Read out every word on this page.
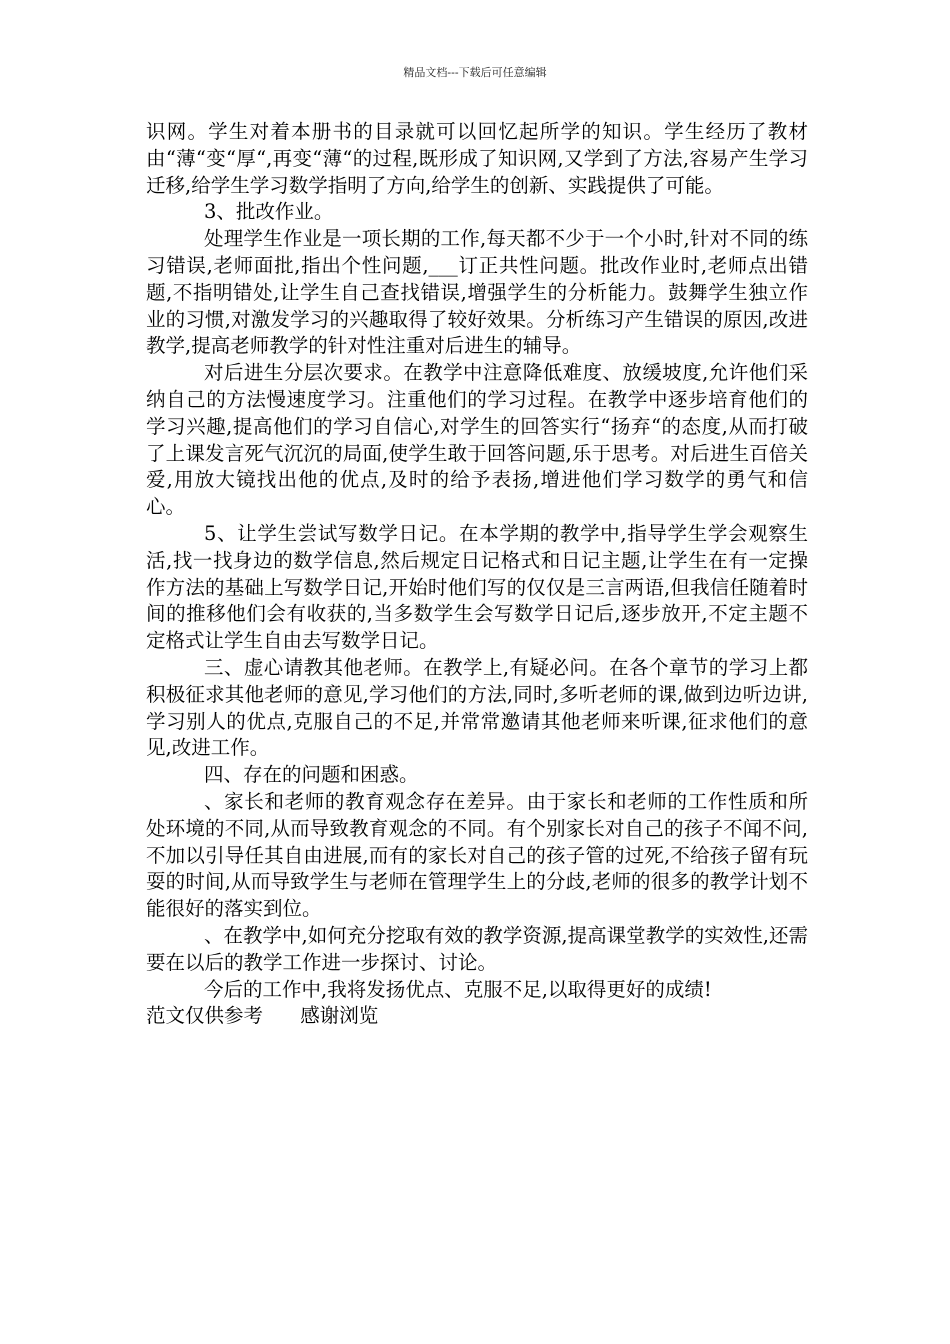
精品文档---下载后可任意编辑

识网。学生对着本册书的目录就可以回忆起所学的知识。学生经历了教材由“薄“变“厚“,再变“薄“的过程,既形成了知识网,又学到了方法,容易产生学习迁移,给学生学习数学指明了方向,给学生的创新、实践提供了可能。

3、批改作业。

处理学生作业是一项长期的工作,每天都不少于一个小时,针对不同的练习错误,老师面批,指出个性问题,___订正共性问题。批改作业时,老师点出错题,不指明错处,让学生自己查找错误,增强学生的分析能力。鼓舞学生独立作业的习惯,对激发学习的兴趣取得了较好效果。分析练习产生错误的原因,改进教学,提高老师教学的针对性注重对后进生的辅导。

对后进生分层次要求。在教学中注意降低难度、放缓坡度,允许他们采纳自己的方法慢速度学习。注重他们的学习过程。在教学中逐步培育他们的学习兴趣,提高他们的学习自信心,对学生的回答实行“扬弃“的态度,从而打破了上课发言死气沉沉的局面,使学生敢于回答问题,乐于思考。对后进生百倍关爱,用放大镜找出他的优点,及时的给予表扬,增进他们学习数学的勇气和信心。

5、让学生尝试写数学日记。在本学期的教学中,指导学生学会观察生活,找一找身边的数学信息,然后规定日记格式和日记主题,让学生在有一定操作方法的基础上写数学日记,开始时他们写的仅仅是三言两语,但我信任随着时间的推移他们会有收获的,当多数学生会写数学日记后,逐步放开,不定主题不定格式让学生自由去写数学日记。

三、虚心请教其他老师。在教学上,有疑必问。在各个章节的学习上都积极征求其他老师的意见,学习他们的方法,同时,多听老师的课,做到边听边讲,学习别人的优点,克服自己的不足,并常常邀请其他老师来听课,征求他们的意见,改进工作。

四、存在的问题和困惑。

、家长和老师的教育观念存在差异。由于家长和老师的工作性质和所处环境的不同,从而导致教育观念的不同。有个别家长对自己的孩子不闻不问,不加以引导任其自由进展,而有的家长对自己的孩子管的过死,不给孩子留有玩耍的时间,从而导致学生与老师在管理学生上的分歧,老师的很多的教学计划不能很好的落实到位。

、在教学中,如何充分挖取有效的教学资源,提高课堂教学的实效性,还需要在以后的教学工作进一步探讨、讨论。

今后的工作中,我将发扬优点、克服不足,以取得更好的成绩!

范文仅供参考      感谢浏览
